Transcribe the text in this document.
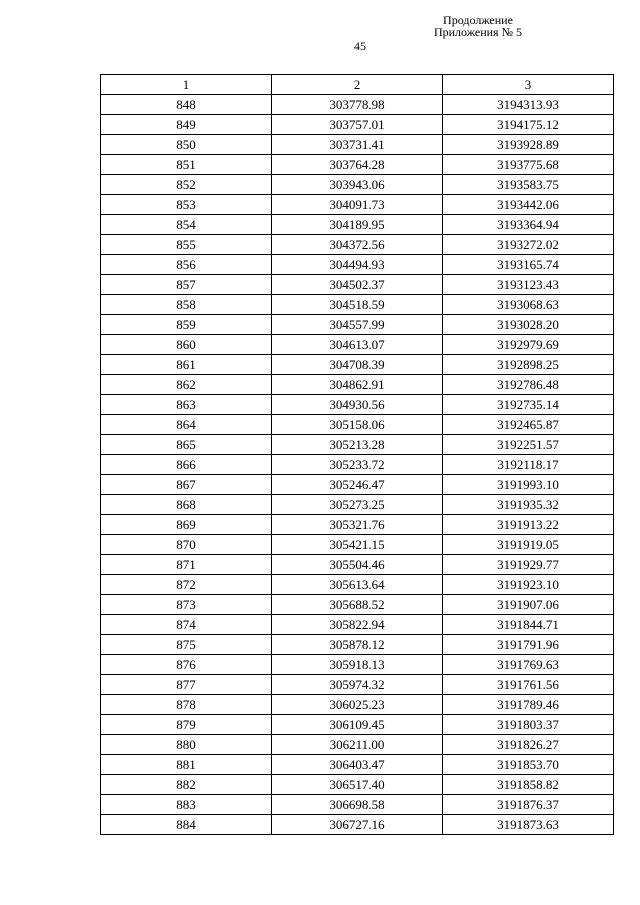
Продолжение
Приложения № 5
45
1	2	3
848	303778.98	3194313.93
849	303757.01	3194175.12
850	303731.41	3193928.89
851	303764.28	3193775.68
852	303943.06	3193583.75
853	304091.73	3193442.06
854	304189.95	3193364.94
855	304372.56	3193272.02
856	304494.93	3193165.74
857	304502.37	3193123.43
858	304518.59	3193068.63
859	304557.99	3193028.20
860	304613.07	3192979.69
861	304708.39	3192898.25
862	304862.91	3192786.48
863	304930.56	3192735.14
864	305158.06	3192465.87
865	305213.28	3192251.57
866	305233.72	3192118.17
867	305246.47	3191993.10
868	305273.25	3191935.32
869	305321.76	3191913.22
870	305421.15	3191919.05
871	305504.46	3191929.77
872	305613.64	3191923.10
873	305688.52	3191907.06
874	305822.94	3191844.71
875	305878.12	3191791.96
876	305918.13	3191769.63
877	305974.32	3191761.56
878	306025.23	3191789.46
879	306109.45	3191803.37
880	306211.00	3191826.27
881	306403.47	3191853.70
882	306517.40	3191858.82
883	306698.58	3191876.37
884	306727.16	3191873.63
